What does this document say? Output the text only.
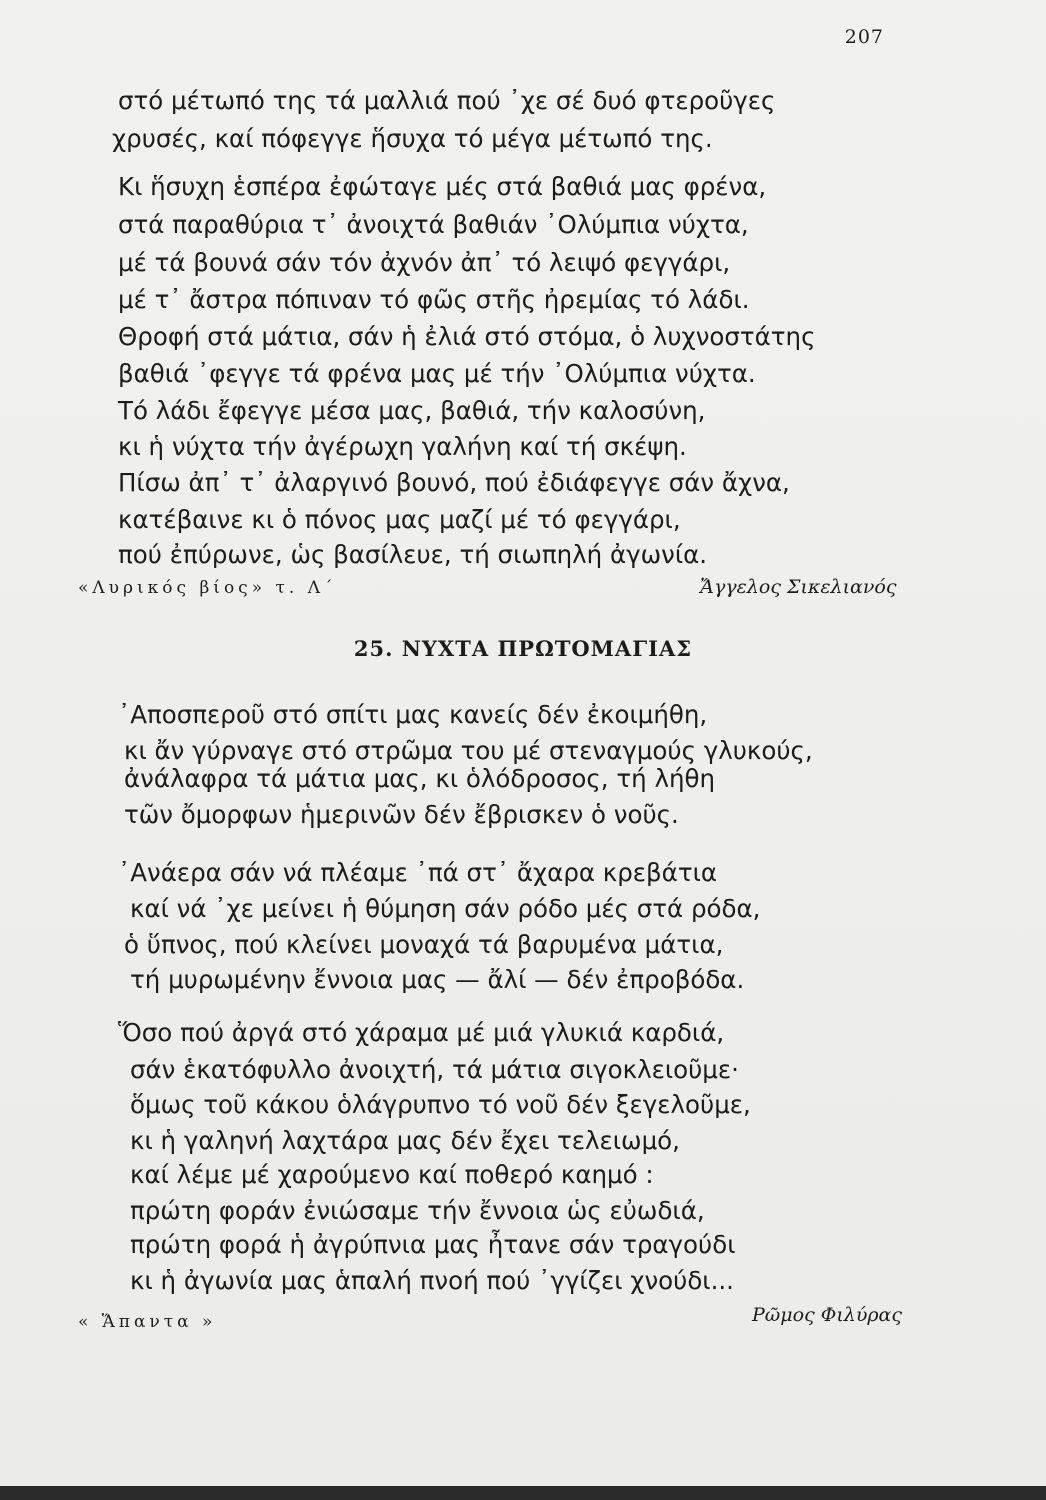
207
στό μέτωπό της τά μαλλιά πού ᾿χε σέ δυό φτεροῦγες
χρυσές, καί πόφεγγε ἥσυχα τό μέγα μέτωπό της.
Κι ἥσυχη ἑσπέρα ἐφώταγε μές στά βαθιά μας φρένα,
στά παραθύρια τ᾿ ἀνοιχτά βαθιάν ᾿Ολύμπια νύχτα,
μέ τά βουνά σάν τόν ἀχνόν ἀπ᾿ τό λειψό φεγγάρι,
μέ τ᾿ ἄστρα πόπιναν τό φῶς στῆς ἠρεμίας τό λάδι.
Θροφή στά μάτια, σάν ἡ ἐλιά στό στόμα, ὁ λυχνοστάτης
βαθιά ᾿φεγγε τά φρένα μας μέ τήν ᾿Ολύμπια νύχτα.
Τό λάδι ἔφεγγε μέσα μας, βαθιά, τήν καλοσύνη,
κι ἡ νύχτα τήν ἀγέρωχη γαλήνη καί τή σκέψη.
Πίσω ἀπ᾿ τ᾿ ἀλαργινό βουνό, πού ἐδιάφεγγε σάν ἄχνα,
κατέβαινε κι ὁ πόνος μας μαζί μέ τό φεγγάρι,
πού ἐπύρωνε, ὡς βασίλευε, τή σιωπηλή ἀγωνία.
«Λυρικός βίος» τ. Λ΄	Ἄγγελος Σικελιανός
25. ΝΥΧΤΑ ΠΡΩΤΟΜΑΓΙΑΣ
᾿Αποσπεροῦ στό σπίτι μας κανείς δέν ἐκοιμήθη,
κι ἄν γύρναγε στό στρῶμα του μέ στεναγμούς γλυκούς,
ἀνάλαφρα τά μάτια μας, κι ὁλόδροσος, τή λήθη
τῶν ὄμορφων ἡμερινῶν δέν ἔβρισκεν ὁ νοῦς.
᾿Ανάερα σάν νά πλέαμε ᾿πά στ᾿ ἄχαρα κρεβάτια
καί νά ᾿χε μείνει ἡ θύμηση σάν ρόδο μές στά ρόδα,
ὁ ὕπνος, πού κλείνει μοναχά τά βαρυμένα μάτια,
τή μυρωμένην ἔννοια μας — ἄλί — δέν ἐπροβόδα.
Ὅσο πού ἀργά στό χάραμα μέ μιά γλυκιά καρδιά,
σάν ἑκατόφυλλο ἀνοιχτή, τά μάτια σιγοκλειοῦμε·
ὅμως τοῦ κάκου ὁλάγρυπνο τό νοῦ δέν ξεγελοῦμε,
κι ἡ γαληνή λαχτάρα μας δέν ἔχει τελειωμό,
καί λέμε μέ χαρούμενο καί ποθερό καημό :
πρώτη φοράν ἐνιώσαμε τήν ἔννοια ὡς εὐωδιά,
πρώτη φορά ἡ ἀγρύπνια μας ἦτανε σάν τραγούδι
κι ἡ ἀγωνία μας ἁπαλή πνοή πού ᾿γγίζει χνούδι...
« Ἅπαντα »	Ρῶμος Φιλύρας
